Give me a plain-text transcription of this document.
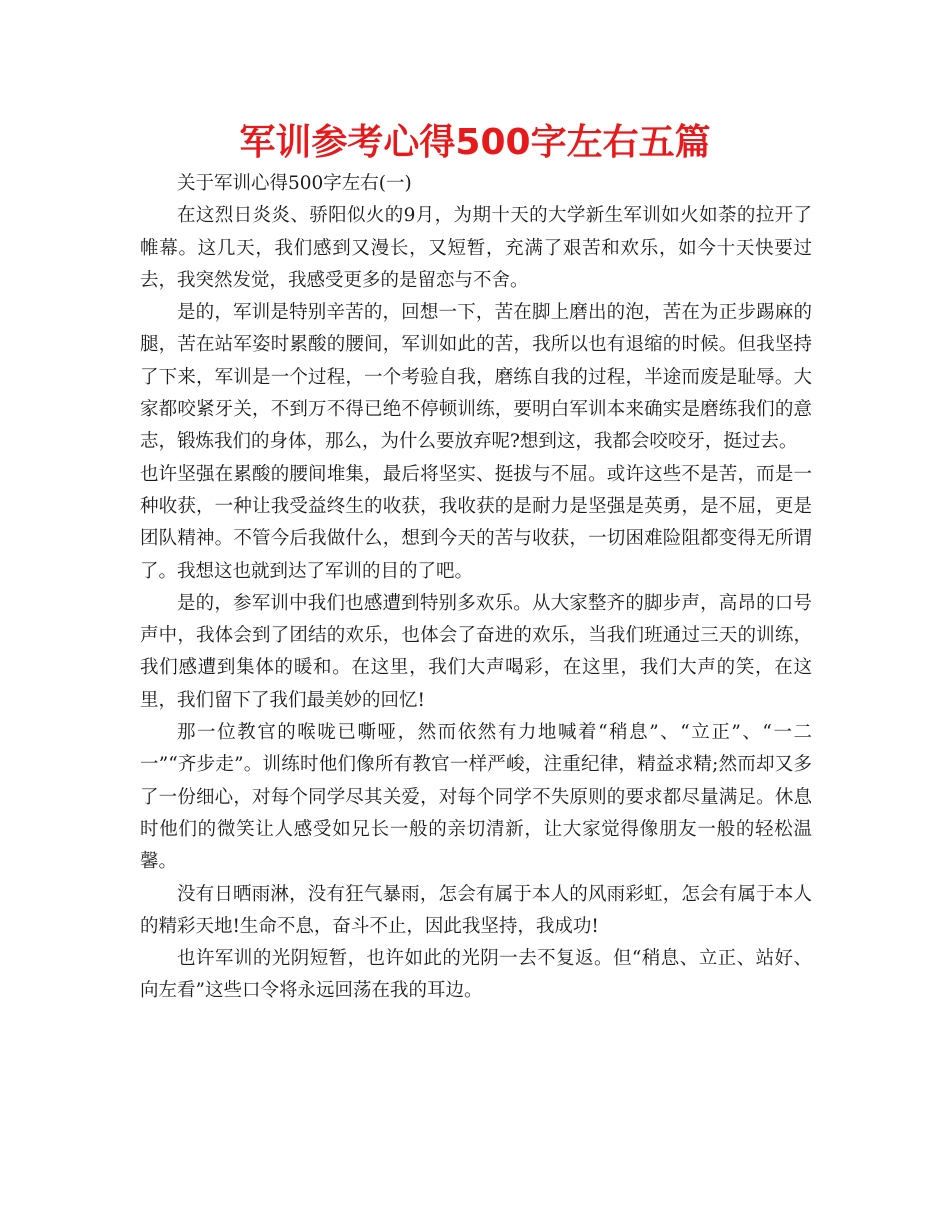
军训参考心得500字左右五篇

关于军训心得500字左右(一)

在这烈日炎炎、骄阳似火的9月，为期十天的大学新生军训如火如荼的拉开了帷幕。这几天，我们感到又漫长，又短暂，充满了艰苦和欢乐，如今十天快要过去，我突然发觉，我感受更多的是留恋与不舍。

是的，军训是特别辛苦的，回想一下，苦在脚上磨出的泡，苦在为正步踢麻的腿，苦在站军姿时累酸的腰间，军训如此的苦，我所以也有退缩的时候。但我坚持了下来，军训是一个过程，一个考验自我，磨练自我的过程，半途而废是耻辱。大家都咬紧牙关，不到万不得已绝不停顿训练，要明白军训本来确实是磨练我们的意志，锻炼我们的身体，那么，为什么要放弃呢?想到这，我都会咬咬牙，挺过去。

也许坚强在累酸的腰间堆集，最后将坚实、挺拔与不屈。或许这些不是苦，而是一种收获，一种让我受益终生的收获，我收获的是耐力是坚强是英勇，是不屈，更是团队精神。不管今后我做什么，想到今天的苦与收获，一切困难险阻都变得无所谓了。我想这也就到达了军训的目的了吧。

是的，参军训中我们也感遭到特别多欢乐。从大家整齐的脚步声，高昂的口号声中，我体会到了团结的欢乐，也体会了奋进的欢乐，当我们班通过三天的训练，我们感遭到集体的暖和。在这里，我们大声喝彩，在这里，我们大声的笑，在这里，我们留下了我们最美妙的回忆!

那一位教官的喉咙已嘶哑，然而依然有力地喊着“稍息”、“立正”、“一二一”“齐步走”。训练时他们像所有教官一样严峻，注重纪律，精益求精;然而却又多了一份细心，对每个同学尽其关爱，对每个同学不失原则的要求都尽量满足。休息时他们的微笑让人感受如兄长一般的亲切清新，让大家觉得像朋友一般的轻松温馨。

没有日晒雨淋，没有狂气暴雨，怎会有属于本人的风雨彩虹，怎会有属于本人的精彩天地!生命不息，奋斗不止，因此我坚持，我成功!

也许军训的光阴短暂，也许如此的光阴一去不复返。但“稍息、立正、站好、向左看”这些口令将永远回荡在我的耳边。
